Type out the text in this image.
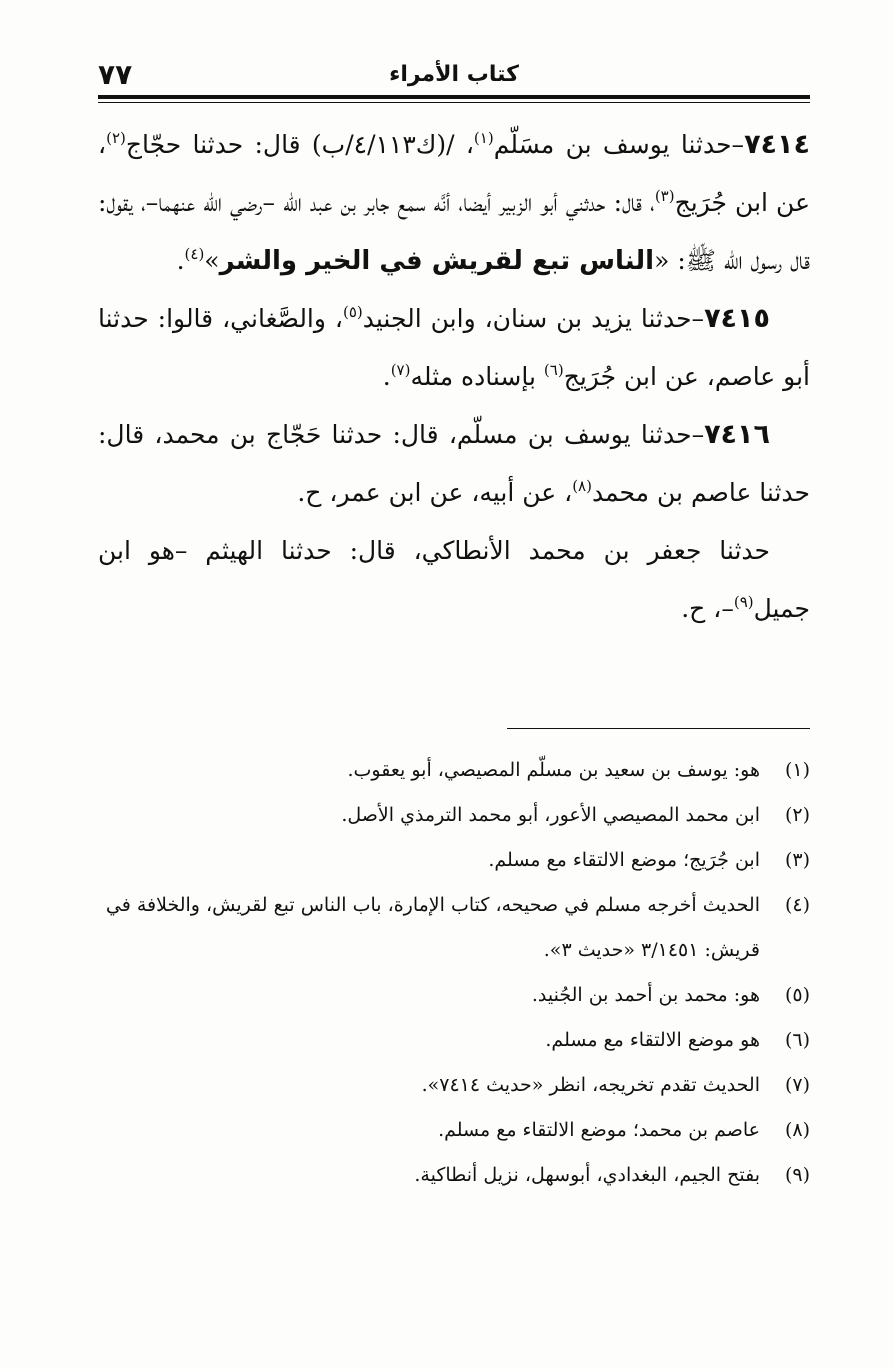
٧٧	كتاب الأمراء

٧٤١٤–حدثنا يوسف بن مسَلّم$^{(١)}$، /(ك٤/١١٣/ب) قال: حدثنا حجّاج$^{(٢)}$، عن ابن جُرَيج$^{(٣)}$، قال: حدثني أبو الزبير أيضا، أنَّه سمع جابر بن عبد الله –رضي الله عنهما–، يقول: قال رسول الله ﷺ: «الناس تبع لقريش في الخير والشر»$^{(٤)}$.

٧٤١٥–حدثنا يزيد بن سنان، وابن الجنيد$^{(٥)}$، والصَّغاني، قالوا: حدثنا أبو عاصم، عن ابن جُرَيج$^{(٦)}$ بإسناده مثله$^{(٧)}$.

٧٤١٦–حدثنا يوسف بن مسلّم، قال: حدثنا حَجّاج بن محمد، قال: حدثنا عاصم بن محمد$^{(٨)}$، عن أبيه، عن ابن عمر، ح.

حدثنا جعفر بن محمد الأنطاكي، قال: حدثنا الهيثم –هو ابن جميل$^{(٩)}$–، ح.

(١)
هو: يوسف بن سعيد بن مسلّم المصيصي، أبو يعقوب.
(٢)
ابن محمد المصيصي الأعور، أبو محمد الترمذي الأصل.
(٣)
ابن جُرَيج؛ موضع الالتقاء مع مسلم.
(٤)
الحديث أخرجه مسلم في صحيحه، كتاب الإمارة، باب الناس تبع لقريش، والخلافة في قريش: ٣/١٤٥١ «حديث ٣».
(٥)
هو: محمد بن أحمد بن الجُنيد.
(٦)
هو موضع الالتقاء مع مسلم.
(٧)
الحديث تقدم تخريجه، انظر «حديث ٧٤١٤».
(٨)
عاصم بن محمد؛ موضع الالتقاء مع مسلم.
(٩)
بفتح الجيم، البغدادي، أبوسهل، نزيل أنطاكية.
